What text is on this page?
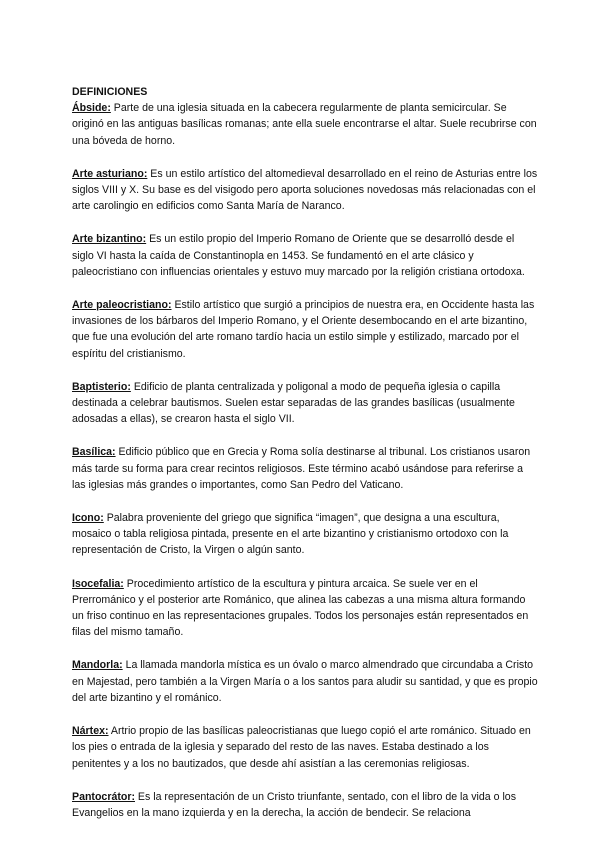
DEFINICIONES

Ábside: Parte de una iglesia situada en la cabecera regularmente de planta semicircular. Se originó en las antiguas basílicas romanas; ante ella suele encontrarse el altar. Suele recubrirse con una bóveda de horno.

Arte asturiano: Es un estilo artístico del altomedieval desarrollado en el reino de Asturias entre los siglos VIII y X. Su base es del visigodo pero aporta soluciones novedosas más relacionadas con el arte carolingio en edificios como Santa María de Naranco.

Arte bizantino: Es un estilo propio del Imperio Romano de Oriente que se desarrolló desde el siglo VI hasta la caída de Constantinopla en 1453. Se fundamentó en el arte clásico y paleocristiano con influencias orientales y estuvo muy marcado por la religión cristiana ortodoxa.

Arte paleocristiano: Estilo artístico que surgió a principios de nuestra era, en Occidente hasta las invasiones de los bárbaros del Imperio Romano, y el Oriente desembocando en el arte bizantino, que fue una evolución del arte romano tardío hacia un estilo simple y estilizado, marcado por el espíritu del cristianismo.

Baptisterio: Edificio de planta centralizada y poligonal a modo de pequeña iglesia o capilla destinada a celebrar bautismos. Suelen estar separadas de las grandes basílicas (usualmente adosadas a ellas), se crearon hasta el siglo VII.

Basílica: Edificio público que en Grecia y Roma solía destinarse al tribunal. Los cristianos usaron más tarde su forma para crear recintos religiosos. Este término acabó usándose para referirse a las iglesias más grandes o importantes, como San Pedro del Vaticano.

Icono: Palabra proveniente del griego que significa “imagen”, que designa a una escultura, mosaico o tabla religiosa pintada, presente en el arte bizantino y cristianismo ortodoxo con la representación de Cristo, la Virgen o algún santo.

Isocefalia: Procedimiento artístico de la escultura y pintura arcaica. Se suele ver en el Prerrománico y el posterior arte Románico, que alinea las cabezas a una misma altura formando un friso continuo en las representaciones grupales. Todos los personajes están representados en filas del mismo tamaño.

Mandorla: La llamada mandorla mística es un óvalo o marco almendrado que circundaba a Cristo en Majestad, pero también a la Virgen María o a los santos para aludir su santidad, y que es propio del arte bizantino y el románico.

Nártex: Artrio propio de las basílicas paleocristianas que luego copió el arte románico. Situado en los pies o entrada de la iglesia y separado del resto de las naves. Estaba destinado a los penitentes y a los no bautizados, que desde ahí asistían a las ceremonias religiosas.

Pantocrátor: Es la representación de un Cristo triunfante, sentado, con el libro de la vida o los Evangelios en la mano izquierda y en la derecha, la acción de bendecir. Se relaciona
